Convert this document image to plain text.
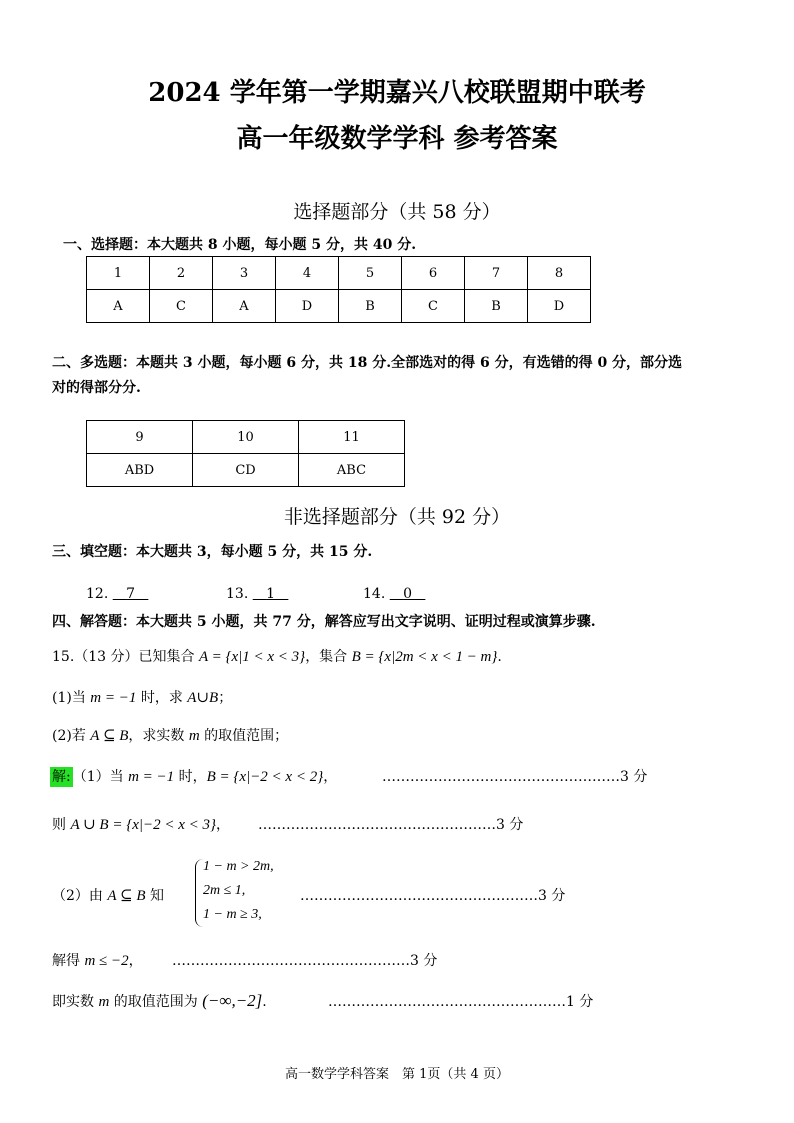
2024 学年第一学期嘉兴八校联盟期中联考
高一年级数学学科 参考答案
选择题部分（共 58 分）
一、选择题：本大题共 8 小题，每小题 5 分，共 40 分.
1	2	3	4	5	6	7	8
A	C	A	D	B	C	B	D
二、多选题：本题共 3 小题，每小题 6 分，共 18 分.全部选对的得 6 分，有选错的得 0 分，部分选
对的得部分分.
9	10	11
ABD	CD	ABC
非选择题部分（共 92 分）
三、填空题：本大题共 3，每小题 5 分，共 15 分.
12. 7	13. 1	14. 0
四、解答题：本大题共 5 小题，共 77 分，解答应写出文字说明、证明过程或演算步骤.
15.（13 分）已知集合 A = {x|1 < x < 3}，集合 B = {x|2m < x < 1 − m}.
(1)当 m = −1 时，求 A∪B；
(2)若 A ⊆ B，求实数 m 的取值范围；
解: （1）当 m = −1 时，B = {x|−2 < x < 2}，	……………………………………………3 分
则 A ∪ B = {x|−2 < x < 3}， ……………………………………………3 分
（2）由 A ⊆ B 知
1 − m > 2m,
2m ≤ 1,
1 − m ≥ 3,
……………………………………………3 分
解得 m ≤ −2， ……………………………………………3 分
即实数 m 的取值范围为 (−∞,−2].	……………………………………………1 分
高一数学学科答案　第 1页（共 4 页）
